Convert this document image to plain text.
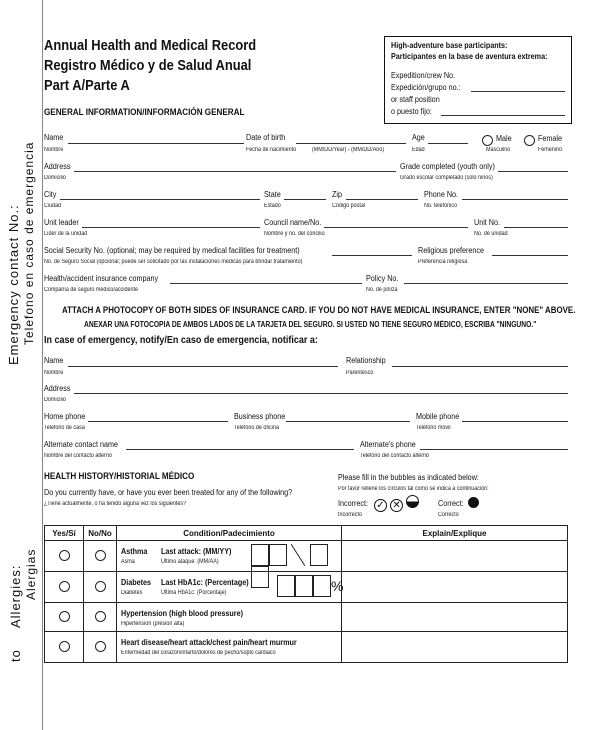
Emergency contact No.: Telefono en caso de emergencia
Allergies: Alergias
to
Annual Health and Medical Record
Registro Médico y de Salud Anual
Part A/Parte A
GENERAL INFORMATION/INFORMACIÓN GENERAL
High-adventure base participants:
Participantes en la base de aventura extrema:
Expedition/crew No.
Expedición/grupo no.:
or staff position
o puesto fijo:
Name
Nombre
Date of birth
Fecha de nacimiento	(MM/DD/Year) - (MM/DD/Año)
Age
Edad
Male
Masculino
Female
Femenino
Address
Domicilio
Grade completed (youth only)
Grado escolar completado (solo niños)
City
Ciudad
State
Estado
Zip
Código postal
Phone No.
No. telefónico
Unit leader
Líder de la unidad
Council name/No.
Nombre y no. del concilio
Unit No.
No. de unidad
Social Security No. (optional; may be required by medical facilities for treatment)
No. de Seguro Social (opcional; puede ser solicitado por las instalaciones médicas para brindar tratamiento)
Religious preference
Preferencia religiosa
Health/accident insurance company
Compañía de seguro médico/accidente
Policy No.
No. de póliza
ATTACH A PHOTOCOPY OF BOTH SIDES OF INSURANCE CARD. IF YOU DO NOT HAVE MEDICAL INSURANCE, ENTER "NONE" ABOVE.
ANEXAR UNA FOTOCOPIA DE AMBOS LADOS DE LA TARJETA DEL SEGURO. SI USTED NO TIENE SEGURO MÉDICO, ESCRIBA "NINGUNO."
In case of emergency, notify/En caso de emergencia, notificar a:
Name
Nombre
Relationship
Parentesco
Address
Domicilio
Home phone
Teléfono de casa
Business phone
Teléfono de oficina
Mobile phone
Teléfono móvil
Alternate contact name
Nombre del contacto alterno
Alternate's phone
Teléfono del contacto alterno
HEALTH HISTORY/HISTORIAL MÉDICO
Do you currently have, or have you ever been treated for any of the following?
¿Tiene actualmente, o ha tenido alguna vez los siguientes?
Please fill in the bubbles as indicated below:
Por favor rellene los círculos tal como se indica a continuación:
Incorrect:
Incorrecto
✓ ✕	Correct:
Correcto
Yes/Sí	No/No	Condition/Padecimiento	Explain/Explique

		Asthma
Asma
Last attack: (MM/YY)
Último ataque: (MM/AA)	

		Diabetes
Diabetes
Last HbA1c: (Percentage)
Última HbA1c: (Porcentaje) %	

		Hypertension (high blood pressure)
Hipertensión (presión alta)	

		Heart disease/heart attack/chest pain/heart murmur
Enfermedad del corazón/infarto/dolores de pecho/soplo cardiaco	
